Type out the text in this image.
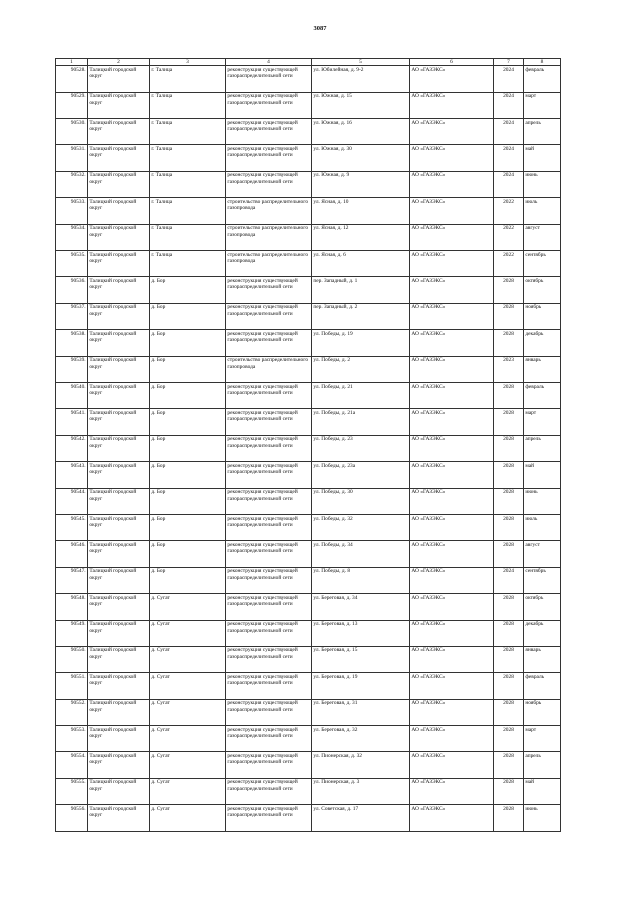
3087
1	2	3	4	5	6	7	8
90528.	Талицкий городской округ	г. Талица	реконструкция существующей газораспределительной сети	ул. Юбилейная, д. 9-2	АО «ГАЗЭКС»	2024	февраль
90529.	Талицкий городской округ	г. Талица	реконструкция существующей газораспределительной сети	ул. Южная, д. 15	АО «ГАЗЭКС»	2024	март
90530.	Талицкий городской округ	г. Талица	реконструкция существующей газораспределительной сети	ул. Южная, д. 16	АО «ГАЗЭКС»	2024	апрель
90531.	Талицкий городской округ	г. Талица	реконструкция существующей газораспределительной сети	ул. Южная, д. 30	АО «ГАЗЭКС»	2024	май
90532.	Талицкий городской округ	г. Талица	реконструкция существующей газораспределительной сети	ул. Южная, д. 9	АО «ГАЗЭКС»	2024	июнь
90533.	Талицкий городской округ	г. Талица	строительство распределительного газопровода	ул. Ясная, д. 10	АО «ГАЗЭКС»	2022	июль
90534.	Талицкий городской округ	г. Талица	строительство распределительного газопровода	ул. Ясная, д. 12	АО «ГАЗЭКС»	2022	август
90535.	Талицкий городской округ	г. Талица	строительство распределительного газопровода	ул. Ясная, д. 6	АО «ГАЗЭКС»	2022	сентябрь
90536.	Талицкий городской округ	д. Бор	реконструкция существующей газораспределительной сети	пер. Западный, д. 1	АО «ГАЗЭКС»	2028	октябрь
90537.	Талицкий городской округ	д. Бор	реконструкция существующей газораспределительной сети	пер. Западный, д. 2	АО «ГАЗЭКС»	2028	ноябрь
90538.	Талицкий городской округ	д. Бор	реконструкция существующей газораспределительной сети	ул. Победы, д. 19	АО «ГАЗЭКС»	2028	декабрь
90539.	Талицкий городской округ	д. Бор	строительство распределительного газопровода	ул. Победы, д. 2	АО «ГАЗЭКС»	2023	январь
90540.	Талицкий городской округ	д. Бор	реконструкция существующей газораспределительной сети	ул. Победы, д. 21	АО «ГАЗЭКС»	2028	февраль
90541.	Талицкий городской округ	д. Бор	реконструкция существующей газораспределительной сети	ул. Победы, д. 21а	АО «ГАЗЭКС»	2028	март
90542.	Талицкий городской округ	д. Бор	реконструкция существующей газораспределительной сети	ул. Победы, д. 23	АО «ГАЗЭКС»	2028	апрель
90543.	Талицкий городской округ	д. Бор	реконструкция существующей газораспределительной сети	ул. Победы, д. 23а	АО «ГАЗЭКС»	2028	май
90544.	Талицкий городской округ	д. Бор	реконструкция существующей газораспределительной сети	ул. Победы, д. 30	АО «ГАЗЭКС»	2028	июнь
90545.	Талицкий городской округ	д. Бор	реконструкция существующей газораспределительной сети	ул. Победы, д. 32	АО «ГАЗЭКС»	2028	июль
90546.	Талицкий городской округ	д. Бор	реконструкция существующей газораспределительной сети	ул. Победы, д. 34	АО «ГАЗЭКС»	2028	август
90547.	Талицкий городской округ	д. Бор	реконструкция существующей газораспределительной сети	ул. Победы, д. 8	АО «ГАЗЭКС»	2024	сентябрь
90548.	Талицкий городской округ	д. Сугат	реконструкция существующей газораспределительной сети	ул. Береговая, д. 34	АО «ГАЗЭКС»	2028	октябрь
90549.	Талицкий городской округ	д. Сугат	реконструкция существующей газораспределительной сети	ул. Береговая, д. 13	АО «ГАЗЭКС»	2028	декабрь
90550.	Талицкий городской округ	д. Сугат	реконструкция существующей газораспределительной сети	ул. Береговая, д. 15	АО «ГАЗЭКС»	2028	январь
90551.	Талицкий городской округ	д. Сугат	реконструкция существующей газораспределительной сети	ул. Береговая, д. 19	АО «ГАЗЭКС»	2028	февраль
90552.	Талицкий городской округ	д. Сугат	реконструкция существующей газораспределительной сети	ул. Береговая, д. 31	АО «ГАЗЭКС»	2028	ноябрь
90553.	Талицкий городской округ	д. Сугат	реконструкция существующей газораспределительной сети	ул. Береговая, д. 32	АО «ГАЗЭКС»	2028	март
90554.	Талицкий городской округ	д. Сугат	реконструкция существующей газораспределительной сети	ул. Пионерская, д. 32	АО «ГАЗЭКС»	2028	апрель
90555.	Талицкий городской округ	д. Сугат	реконструкция существующей газораспределительной сети	ул. Пионерская, д. 3	АО «ГАЗЭКС»	2028	май
90556.	Талицкий городской округ	д. Сугат	реконструкция существующей газораспределительной сети	ул. Советская, д. 17	АО «ГАЗЭКС»	2028	июнь
